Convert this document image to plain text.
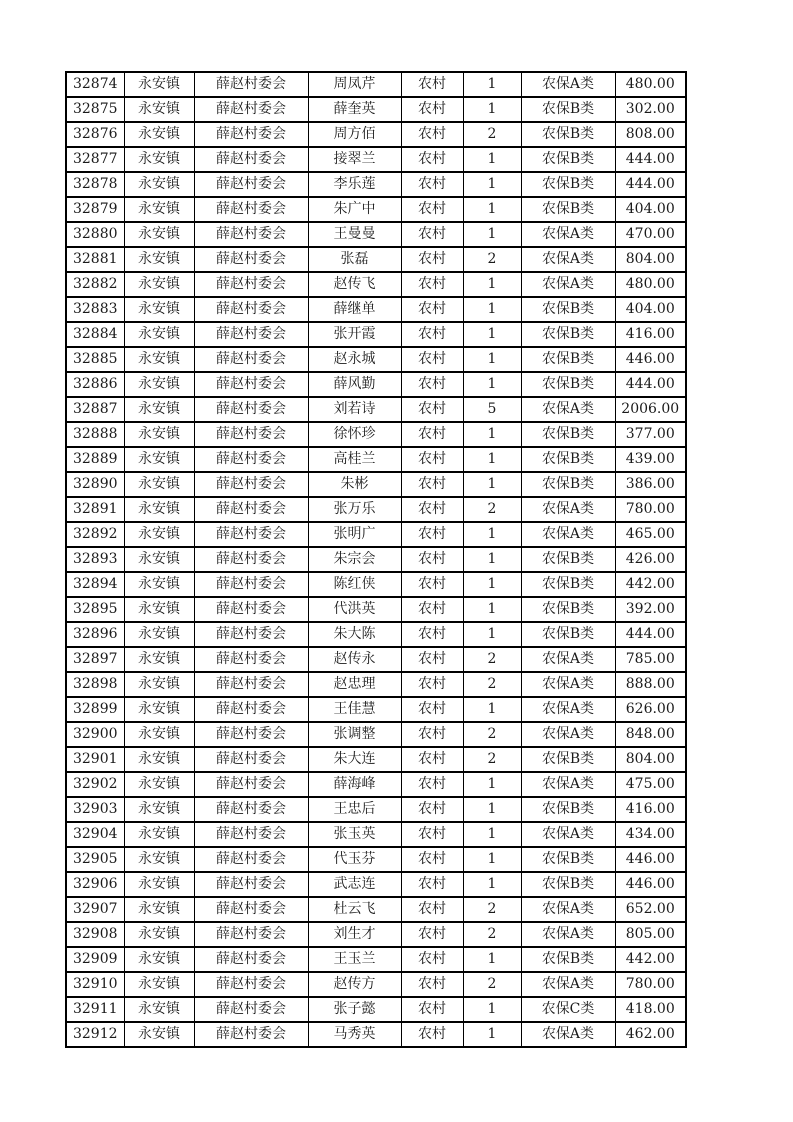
32874	永安镇	薛赵村委会	周凤芹	农村	1	农保A类	480.00
32875	永安镇	薛赵村委会	薛奎英	农村	1	农保B类	302.00
32876	永安镇	薛赵村委会	周方佰	农村	2	农保B类	808.00
32877	永安镇	薛赵村委会	接翠兰	农村	1	农保B类	444.00
32878	永安镇	薛赵村委会	李乐莲	农村	1	农保B类	444.00
32879	永安镇	薛赵村委会	朱广中	农村	1	农保B类	404.00
32880	永安镇	薛赵村委会	王曼曼	农村	1	农保A类	470.00
32881	永安镇	薛赵村委会	张磊	农村	2	农保A类	804.00
32882	永安镇	薛赵村委会	赵传飞	农村	1	农保A类	480.00
32883	永安镇	薛赵村委会	薛继单	农村	1	农保B类	404.00
32884	永安镇	薛赵村委会	张开霞	农村	1	农保B类	416.00
32885	永安镇	薛赵村委会	赵永城	农村	1	农保B类	446.00
32886	永安镇	薛赵村委会	薛风勤	农村	1	农保B类	444.00
32887	永安镇	薛赵村委会	刘若诗	农村	5	农保A类	2006.00
32888	永安镇	薛赵村委会	徐怀珍	农村	1	农保B类	377.00
32889	永安镇	薛赵村委会	高桂兰	农村	1	农保B类	439.00
32890	永安镇	薛赵村委会	朱彬	农村	1	农保B类	386.00
32891	永安镇	薛赵村委会	张万乐	农村	2	农保A类	780.00
32892	永安镇	薛赵村委会	张明广	农村	1	农保A类	465.00
32893	永安镇	薛赵村委会	朱宗会	农村	1	农保B类	426.00
32894	永安镇	薛赵村委会	陈红侠	农村	1	农保B类	442.00
32895	永安镇	薛赵村委会	代洪英	农村	1	农保B类	392.00
32896	永安镇	薛赵村委会	朱大陈	农村	1	农保B类	444.00
32897	永安镇	薛赵村委会	赵传永	农村	2	农保A类	785.00
32898	永安镇	薛赵村委会	赵忠理	农村	2	农保A类	888.00
32899	永安镇	薛赵村委会	王佳慧	农村	1	农保A类	626.00
32900	永安镇	薛赵村委会	张调整	农村	2	农保A类	848.00
32901	永安镇	薛赵村委会	朱大连	农村	2	农保B类	804.00
32902	永安镇	薛赵村委会	薛海峰	农村	1	农保A类	475.00
32903	永安镇	薛赵村委会	王忠后	农村	1	农保B类	416.00
32904	永安镇	薛赵村委会	张玉英	农村	1	农保A类	434.00
32905	永安镇	薛赵村委会	代玉芬	农村	1	农保B类	446.00
32906	永安镇	薛赵村委会	武志连	农村	1	农保B类	446.00
32907	永安镇	薛赵村委会	杜云飞	农村	2	农保A类	652.00
32908	永安镇	薛赵村委会	刘生才	农村	2	农保A类	805.00
32909	永安镇	薛赵村委会	王玉兰	农村	1	农保B类	442.00
32910	永安镇	薛赵村委会	赵传方	农村	2	农保A类	780.00
32911	永安镇	薛赵村委会	张子懿	农村	1	农保C类	418.00
32912	永安镇	薛赵村委会	马秀英	农村	1	农保A类	462.00
